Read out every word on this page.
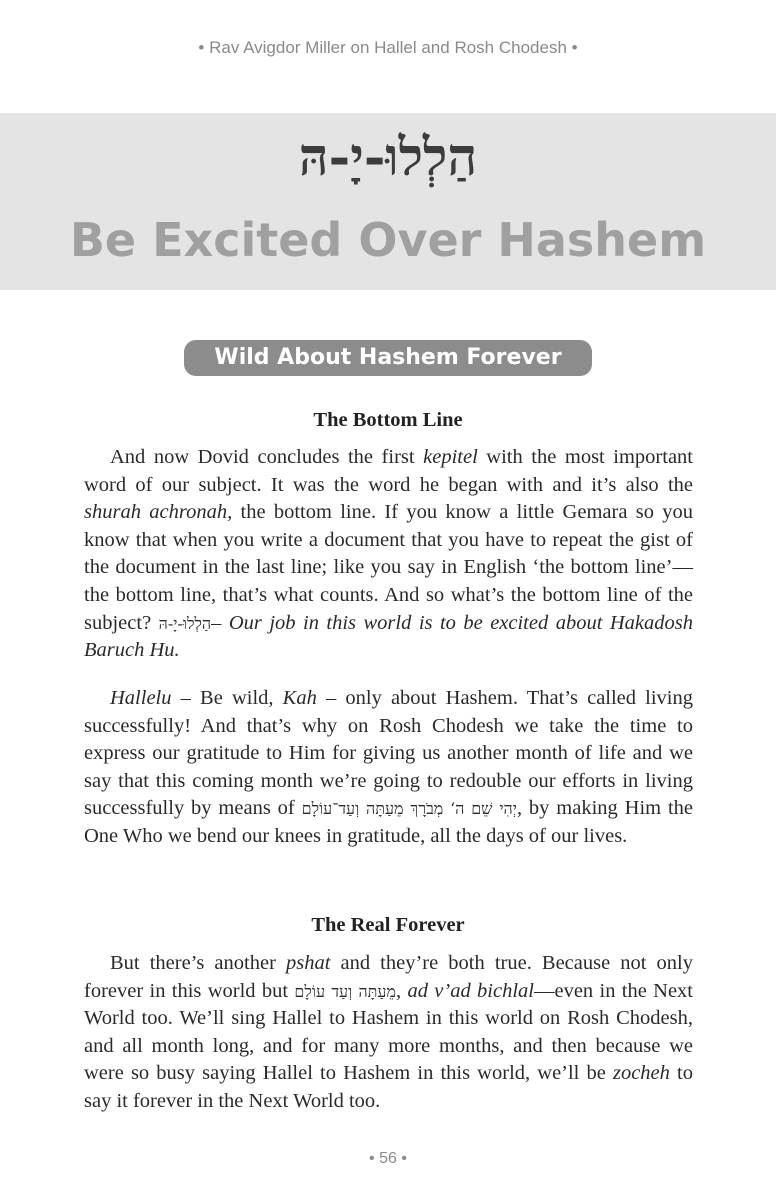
• Rav Avigdor Miller on Hallel and Rosh Chodesh •
הַלְלוּ-יָ-הּ
Be Excited Over Hashem
Wild About Hashem Forever
The Bottom Line
And now Dovid concludes the first kepitel with the most important word of our subject. It was the word he began with and it’s also the shurah achronah, the bottom line. If you know a little Gemara so you know that when you write a document that you have to repeat the gist of the document in the last line; like you say in English ‘the bottom line’—the bottom line, that’s what counts. And so what’s the bottom line of the subject? הַלְלוּ-יָ-הּ– Our job in this world is to be excited about Hakadosh Baruch Hu.
Hallelu – Be wild, Kah – only about Hashem. That’s called living successfully! And that’s why on Rosh Chodesh we take the time to express our gratitude to Him for giving us another month of life and we say that this coming month we’re going to redouble our efforts in living successfully by means of יְהִי שֵׁם ה‘ מְבֹרָךְ מֵעַתָּה וְעַד־עוֹלָם, by making Him the One Who we bend our knees in gratitude, all the days of our lives.
The Real Forever
But there’s another pshat and they’re both true. Because not only forever in this world but מֵעַתָּה וְעַד עוֹלָם, ad v’ad bichlal—even in the Next World too. We’ll sing Hallel to Hashem in this world on Rosh Chodesh, and all month long, and for many more months, and then because we were so busy saying Hallel to Hashem in this world, we’ll be zocheh to say it forever in the Next World too.
• 56 •
